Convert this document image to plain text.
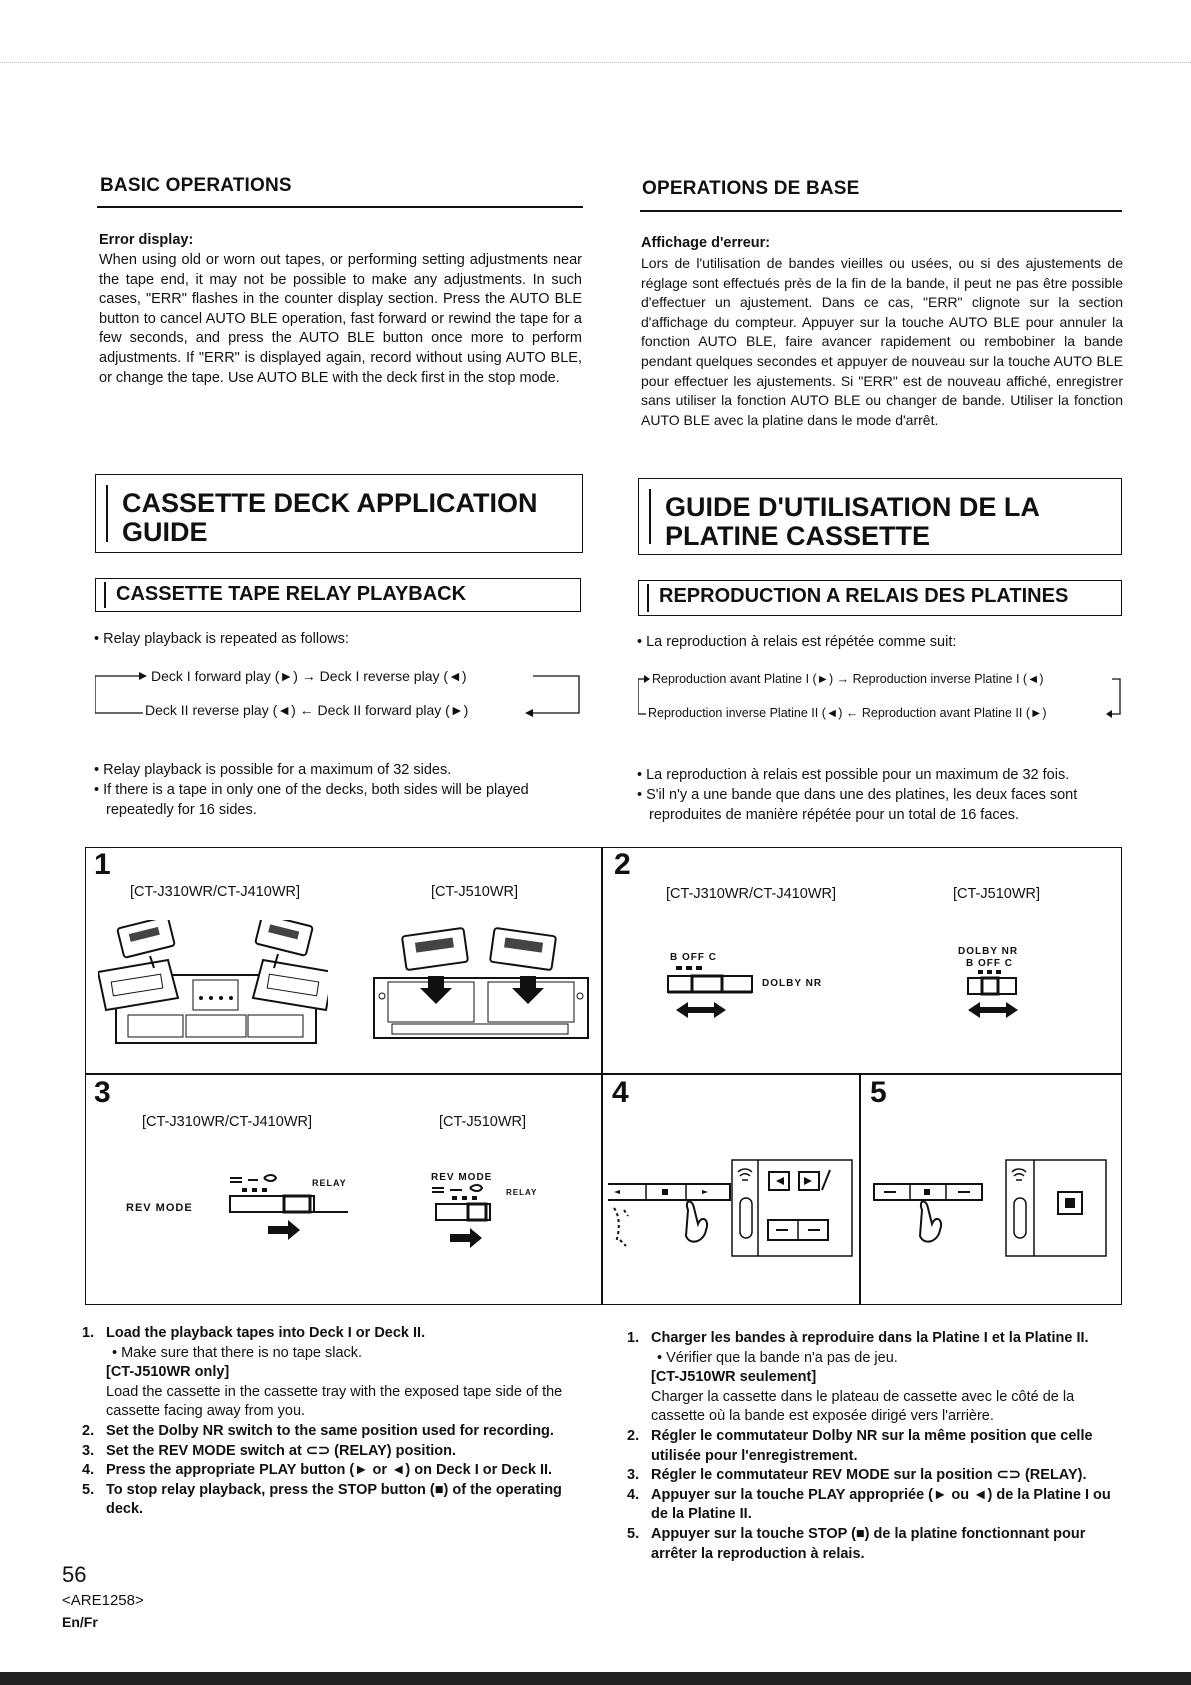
BASIC OPERATIONS
Error display:
When using old or worn out tapes, or performing setting adjustments near the tape end, it may not be possible to make any adjustments. In such cases, "ERR" flashes in the counter display section. Press the AUTO BLE button to cancel AUTO BLE operation, fast forward or rewind the tape for a few seconds, and press the AUTO BLE button once more to perform adjustments. If "ERR" is displayed again, record without using AUTO BLE, or change the tape. Use AUTO BLE with the deck first in the stop mode.
CASSETTE DECK APPLICATION
GUIDE
CASSETTE TAPE RELAY PLAYBACK
• Relay playback is repeated as follows:
Deck I forward play (►) → Deck I reverse play (◄)
Deck II reverse play (◄) ← Deck II forward play (►)
• Relay playback is possible for a maximum of 32 sides.
• If there is a tape in only one of the decks, both sides will be played repeatedly for 16 sides.
OPERATIONS DE BASE
Affichage d'erreur:
Lors de l'utilisation de bandes vieilles ou usées, ou si des ajustements de réglage sont effectués près de la fin de la bande, il peut ne pas être possible d'effectuer un ajustement. Dans ce cas, "ERR" clignote sur la section d'affichage du compteur. Appuyer sur la touche AUTO BLE pour annuler la fonction AUTO BLE, faire avancer rapidement ou rembobiner la bande pendant quelques secondes et appuyer de nouveau sur la touche AUTO BLE pour effectuer les ajustements. Si "ERR" est de nouveau affiché, enregistrer sans utiliser la fonction AUTO BLE ou changer de bande. Utiliser la fonction AUTO BLE avec la platine dans le mode d'arrêt.
GUIDE D'UTILISATION DE LA
PLATINE CASSETTE
REPRODUCTION A RELAIS DES PLATINES
• La reproduction à relais est répétée comme suit:
Reproduction avant Platine I (►) → Reproduction inverse Platine I (◄)
Reproduction inverse Platine II (◄) ← Reproduction avant Platine II (►)
• La reproduction à relais est possible pour un maximum de 32 fois.
• S'il n'y a une bande que dans une des platines, les deux faces sont reproduites de manière répétée pour un total de 16 faces.
1
[CT-J310WR/CT-J410WR]	[CT-J510WR]
2
[CT-J310WR/CT-J410WR]	[CT-J510WR]
B OFF C
DOLBY NR
DOLBY NR
B OFF C
3
[CT-J310WR/CT-J410WR]	[CT-J510WR]
RELAY
REV MODE
REV MODE
RELAY
4	5
1. Load the playback tapes into Deck I or Deck II.
• Make sure that there is no tape slack.
[CT-J510WR only]
Load the cassette in the cassette tray with the exposed tape side of the cassette facing away from you.
2. Set the Dolby NR switch to the same position used for recording.
3. Set the REV MODE switch at ⊂⊃ (RELAY) position.
4. Press the appropriate PLAY button (► or ◄) on Deck I or Deck II.
5. To stop relay playback, press the STOP button (■) of the operating deck.
1. Charger les bandes à reproduire dans la Platine I et la Platine II.
• Vérifier que la bande n'a pas de jeu.
[CT-J510WR seulement]
Charger la cassette dans le plateau de cassette avec le côté de la cassette où la bande est exposée dirigé vers l'arrière.
2. Régler le commutateur Dolby NR sur la même position que celle utilisée pour l'enregistrement.
3. Régler le commutateur REV MODE sur la position ⊂⊃ (RELAY).
4. Appuyer sur la touche PLAY appropriée (► ou ◄) de la Platine I ou de la Platine II.
5. Appuyer sur la touche STOP (■) de la platine fonctionnant pour arrêter la reproduction à relais.
56
<ARE1258>
En/Fr
